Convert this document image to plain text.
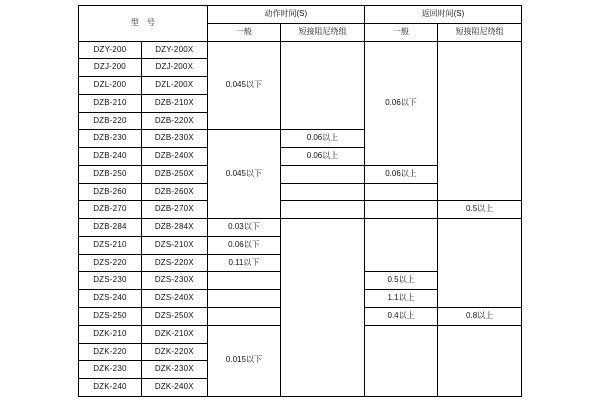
型　号		动作时间(S)		返回时间(S)	
		一般	短接阻尼绕组	一般	短接阻尼绕组
DZY-200	DZY-200X	0.045以下		0.06以下	
DZJ-200	DZJ-200X				
DZL-200	DZL-200X				
DZB-210	DZB-210X				
DZB-220	DZB-220X				
DZB-230	DZB-230X	0.045以下	0.06以上		
DZB-240	DZB-240X		0.06以上		
DZB-250	DZB-250X			0.06以上	
DZB-260	DZB-260X				
DZB-270	DZB-270X				0.5以上
DZB-284	DZB-284X	0.03以下			
DZS-210	DZS-210X	0.06以下			
DZS-220	DZS-220X	0.11以下			
DZS-230	DZS-230X			0.5以上	
DZS-240	DZS-240X			1.1以上	
DZS-250	DZS-250X			0.4以上	0.8以上
DZK-210	DZK-210X	0.015以下			
DZK-220	DZK-220X				
DZK-230	DZK-230X				
DZK-240	DZK-240X				
